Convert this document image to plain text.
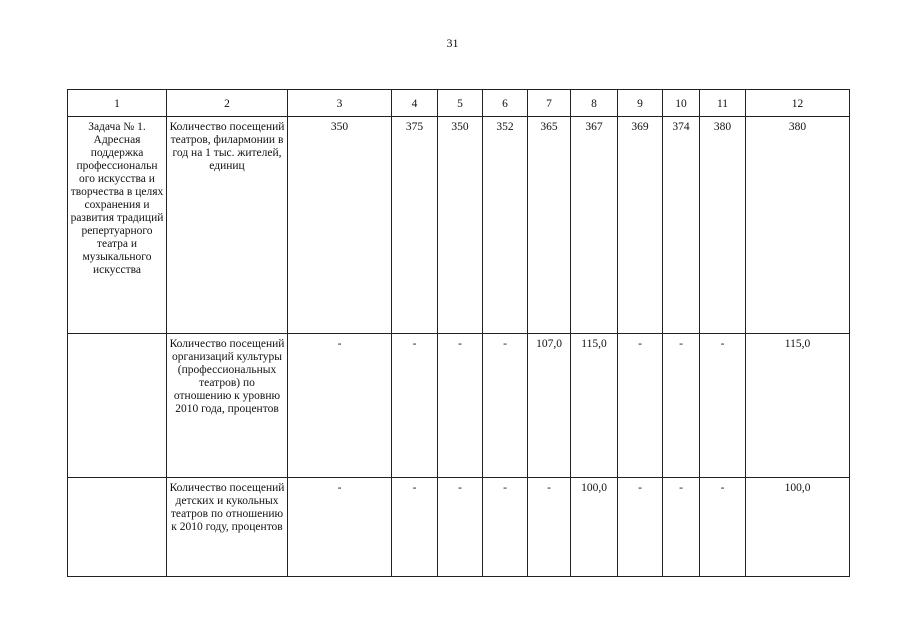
31
1	2	3	4	5	6	7	8	9	10	11	12
Задача № 1. Адресная поддержка профессиональн ого искусства и творчества в целях сохранения и развития традиций репертуарного театра и музыкального искусства	Количество посещений театров, филармонии в год на 1 тыс. жителей, единиц	350	375	350	352	365	367	369	374	380	380
	Количество посещений организаций культуры (профессиональных театров) по отношению к уровню 2010 года, процентов	-	-	-	-	107,0	115,0	-	-	-	115,0
	Количество посещений детских и кукольных театров по отношению к 2010 году, процентов	-	-	-	-	-	100,0	-	-	-	100,0
